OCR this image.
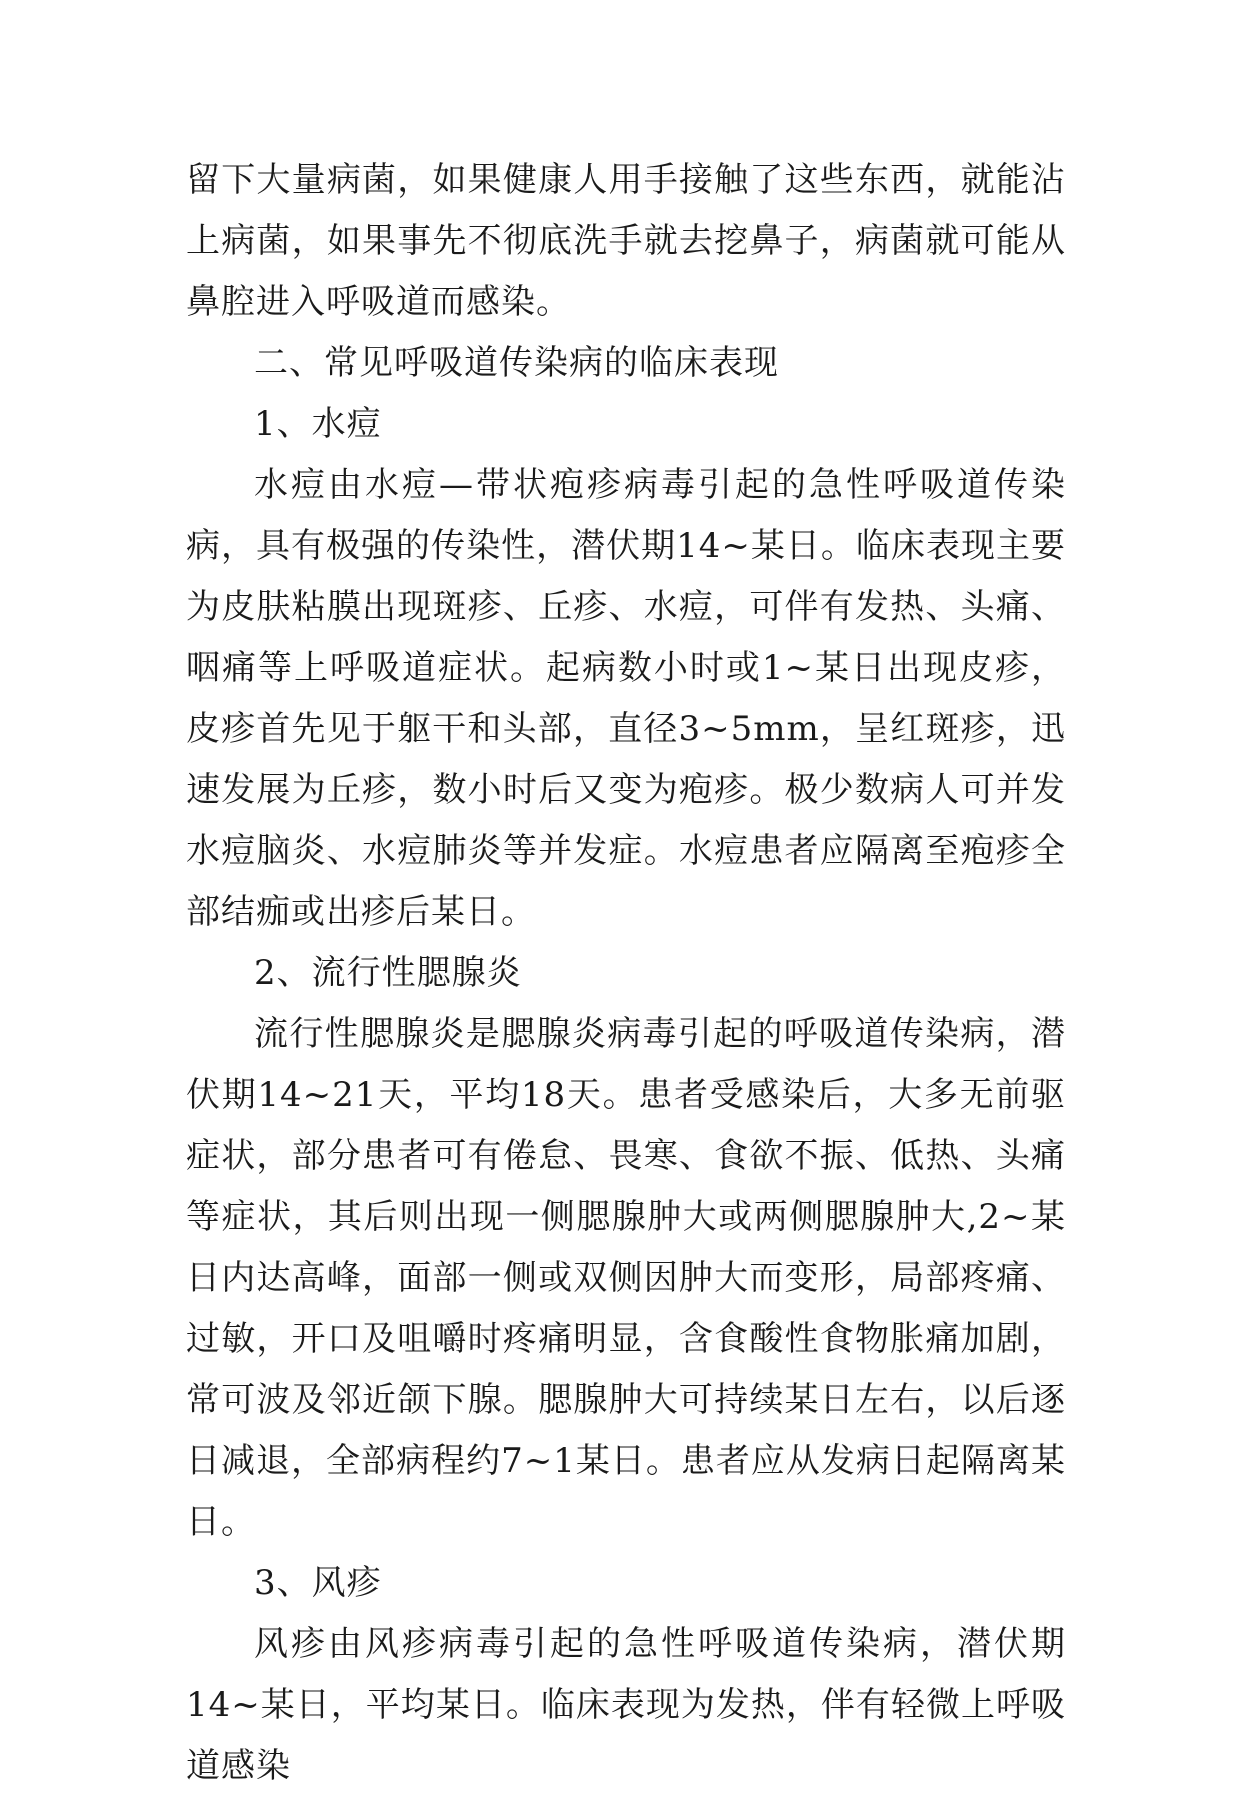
留下大量病菌，如果健康人用手接触了这些东西，就能沾上病菌，如果事先不彻底洗手就去挖鼻子，病菌就可能从鼻腔进入呼吸道而感染。

二、常见呼吸道传染病的临床表现

1、水痘

水痘由水痘—带状疱疹病毒引起的急性呼吸道传染病，具有极强的传染性，潜伏期14~某日。临床表现主要为皮肤粘膜出现斑疹、丘疹、水痘，可伴有发热、头痛、咽痛等上呼吸道症状。起病数小时或1~某日出现皮疹，皮疹首先见于躯干和头部，直径3~5mm，呈红斑疹，迅速发展为丘疹，数小时后又变为疱疹。极少数病人可并发水痘脑炎、水痘肺炎等并发症。水痘患者应隔离至疱疹全部结痂或出疹后某日。

2、流行性腮腺炎

流行性腮腺炎是腮腺炎病毒引起的呼吸道传染病，潜伏期14~21天，平均18天。患者受感染后，大多无前驱症状，部分患者可有倦怠、畏寒、食欲不振、低热、头痛等症状，其后则出现一侧腮腺肿大或两侧腮腺肿大,2~某日内达高峰，面部一侧或双侧因肿大而变形，局部疼痛、过敏，开口及咀嚼时疼痛明显，含食酸性食物胀痛加剧，常可波及邻近颌下腺。腮腺肿大可持续某日左右，以后逐日减退，全部病程约7~1某日。患者应从发病日起隔离某日。

3、风疹

风疹由风疹病毒引起的急性呼吸道传染病，潜伏期14~某日，平均某日。临床表现为发热，伴有轻微上呼吸道感染
